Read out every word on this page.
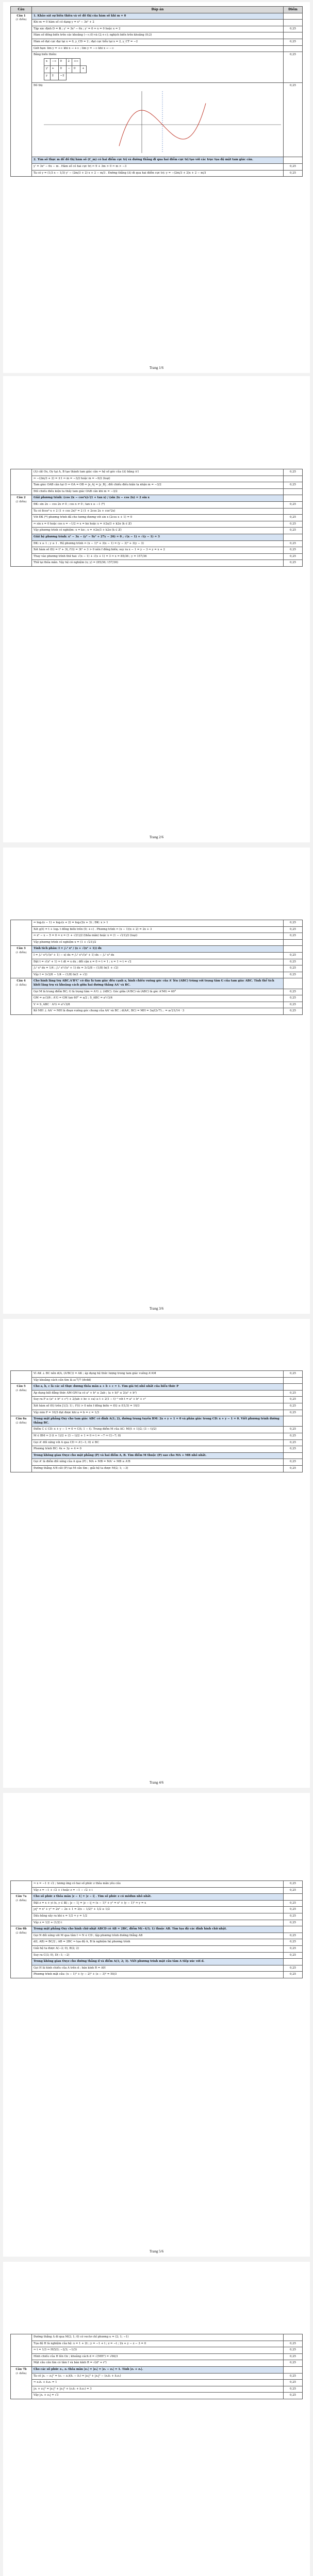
Câu	Đáp án	Điểm
Câu 1
(2 điểm)
	1. Khảo sát sự biến thiên và vẽ đồ thị của hàm số khi m = 0	
Khi m = 0 hàm số có dạng y = x³ − 3x² + 2	
Tập xác định D = ℝ ; y' = 3x² − 6x ; y' = 0 ⇔ x = 0 hoặc x = 2	0,25
Hàm số đồng biến trên các khoảng (−∞;0) và (2;+∞); nghịch biến trên khoảng (0;2)	
Hàm số đạt cực đại tại x = 0, y_CĐ = 2 ; đạt cực tiểu tại x = 2, y_CT = −2	0,25
Giới hạn: lim y = +∞ khi x → +∞ ; lim y = −∞ khi x → −∞	
Bảng biến thiên:
x	−∞	0	2	+∞
y'	+	0	−	0	+
y	2	−2
	0,25
Đồ thị:	0,25
2. Tìm số thực m để đồ thị hàm số (C_m) có hai điểm cực trị và đường thẳng đi qua hai điểm cực trị tạo với các trục tọa độ một tam giác cân.	
y' = 3x² − 6x − m . Hàm số có hai cực trị ⇔ 9 + 3m > 0 ⇔ m > −3	0,25
Ta có y = (1/3 x − 1/3) y' − (2m/3 + 2) x + 2 − m/3 . Đường thẳng (Δ) đi qua hai điểm cực trị: y = −(2m/3 + 2)x + 2 − m/3	0,25
Trang 1/6
	(Δ) cắt Ox, Oy tại A, B tạo thành tam giác cân ⇔ hệ số góc của (Δ) bằng ±1	0,25
	⇔ −(2m/3 + 2) = ±1 ⇔ m = −3/2 hoặc m = −9/2 (loại)	
	Tam giác OAB cân tại O ⇔ OA = OB ⇔ |x_A| = |y_B| ; đối chiếu điều kiện ta nhận m = −3/2	0,25
	Đối chiếu điều kiện ta thấy tam giác OAB cân khi m = −3/2	
Câu 2
(2 điểm)	Giải phương trình: (cos 2x − cos²x)√(1 + tan x) / (sin 2x − cos 2x) = 2 sin x	
	ĐK: sin 2x − cos 2x ≠ 0 ; cos x ≠ 0 ; tan x ≥ −1 (*)	0,25
	Ta có 8cos⁴ x + 2 (1 + cos 2x)² = 2 (1 + 2cos 2x + cos²2x)	
	Với ĐK (*) phương trình đã cho tương đương với sin x (2cos x + 1) = 0	0,25
	⇔ sin x = 0 hoặc cos x = −1/2 ⇔ x = kπ hoặc x = ±2π/3 + k2π (k ∈ ℤ)	0,25
	Vậy phương trình có nghiệm: x = kπ ; x = ±2π/3 + k2π (k ∈ ℤ)	0,25
	Giải hệ phương trình: x³ − 3x − (y³ − 9y² + 27y − 26) = 0 ; √(x − 1) + √(y − 1) = 3	
	ĐK: x ≥ 1 ; y ≥ 1 . Hệ phương trình ⇔ (x − 1)³ + 3(x − 1) = (y − 3)³ + 3(y − 3)	0,25
	Xét hàm số f(t) = t³ + 3t, f'(t) = 3t² + 3 > 0 nên f đồng biến; suy ra x − 1 = y − 3 ⇔ y = x + 2	0,25
	Thay vào phương trình thứ hai: √(x − 1) + √(x + 1) = 3 ⇔ x = 85/36 ; y = 157/36	0,25
	Thử lại thỏa mãn. Vậy hệ có nghiệm (x; y) = (85/36; 157/36)	0,25
Trang 2/6
	⇔ log₂(x − 1) + log₂(x + 2) = log₂(2x + 3) ; ĐK: x > 1	0,25
	Xét g(t) = t + log₂ t đồng biến trên (0; +∞) . Phương trình ⇔ (x − 1)(x + 2) = 2x + 3	0,25
	⇔ x² − x − 5 = 0 ⇔ x = (1 + √21)/2 (thỏa mãn) hoặc x = (1 − √21)/2 (loại)	0,25
	Vậy phương trình có nghiệm x = (1 + √21)/2	
Câu 3
(1 điểm)	Tính tích phân: I = ∫₀¹ x² / (x + √(x² + 1)) dx	
	I = ∫₀¹ x²(√(x² + 1) − x) dx = ∫₀¹ x²√(x² + 1) dx − ∫₀¹ x³ dx	0,25
	Đặt t = √(x² + 1) ⇒ t dt = x dx ; đổi cận x = 0 ⇒ t = 1 ; x = 1 ⇒ t = √2	0,25
	∫₀¹ x³ dx = 1/4 ; ∫₀¹ x²√(x² + 1) dx = 3√2/8 − (1/8) ln(1 + √2)	0,25
	Vậy I = 3√2/8 − 1/4 − (1/8) ln(1 + √2)	0,25
Câu 4
(1 điểm)	Cho hình lăng trụ ABC.A'B'C' có đáy là tam giác đều cạnh a, hình chiếu vuông góc của A' lên (ABC) trùng với trọng tâm G của tam giác ABC. Tính thể tích khối lăng trụ và khoảng cách giữa hai đường thẳng AA' và BC.	
	Gọi M là trung điểm BC; G là trọng tâm ⇒ A'G ⊥ (ABC). Góc giữa (A'BC) và (ABC) là góc A'MG = 60°	0,25
	GM = a√3/6 ; A'G = GM tan 60° = a/2 ; S_ABC = a²√3/4	0,25
	V = S_ABC · A'G = a³√3/8	0,25
	Kẻ MH ⊥ AA' ⇒ MH là đoạn vuông góc chung của AA' và BC ; d(AA', BC) = MH = 3a/(2√7)... = a√21/14 · 3	0,25
Trang 3/6
	Vì AK ⊥ BC nên d(A, (A'BC)) = AK ; áp dụng hệ thức lượng trong tam giác vuông A'AM	0,25
	Vậy khoảng cách cần tìm là a√7/7 (đvđd)	
Câu 5
(1 điểm)	Cho a, b, c là các số thực dương thỏa mãn a + b + c = 1. Tìm giá trị nhỏ nhất của biểu thức P	
	Áp dụng bất đẳng thức AM-GM ta có a² + b² ≥ 2ab ; (a + b)² ≤ 2(a² + b²)	0,25
	Suy ra P ≥ (a² + b² + c²) + 2/(ab + bc + ca) ≥ t + 2(1 − t)⁻¹ với t = a² + b² + c²	0,25
	Xét hàm số f(t) trên [1/3; 1) ; f'(t) > 0 nên f đồng biến ⇒ f(t) ≥ f(1/3) = 10/3	0,25
	Vậy min P = 10/3 đạt được khi a = b = c = 1/3	0,25
Câu 6a
(2 điểm)	Trong mặt phẳng Oxy cho tam giác ABC có đỉnh A(1; 2), đường trung tuyến BM: 2x + y + 1 = 0 và phân giác trong CD: x + y − 1 = 0. Viết phương trình đường thẳng BC.	
	Điểm C ∈ CD: x + y − 1 = 0 ⇒ C(t; 1 − t). Trung điểm M của AC: M((t + 1)/2; (3 − t)/2)	0,25
	M ∈ BM ⇒ 2·(t + 1)/2 + (3 − t)/2 + 1 = 0 ⇔ t = −7 ⇒ C(−7; 8)	0,25
	Gọi A' đối xứng với A qua CD ⇒ A'(−1; 0) ∈ BC	0,25
	Phương trình BC: 4x + 3y + 4 = 0	0,25
	Trong không gian Oxyz cho mặt phẳng (P) và hai điểm A, B. Tìm điểm M thuộc (P) sao cho MA + MB nhỏ nhất.	
	Gọi A' là điểm đối xứng của A qua (P) ; MA + MB = MA' + MB ≥ A'B	0,25
	Đường thẳng A'B cắt (P) tại M cần tìm ; giải hệ ta được M(2; 1; −3)	0,25
Trang 4/6
	⇒ x = −1 ± √2 ; tương ứng có hai số phức z thỏa mãn yêu cầu	0,25
	Vậy z = −1 + √2 + i hoặc z = −1 − √2 + i	0,25
Câu 7a
(1 điểm)	Cho số phức z thỏa mãn |z − 1| = |z − i| . Tìm số phức z có môđun nhỏ nhất.	
	Đặt z = x + yi (x, y ∈ ℝ) ; |z − 1| = |z − i| ⇔ (x − 1)² + y² = x² + (y − 1)² ⇔ y = x	0,25
	|z|² = x² + y² = 2x² − 2x + 1 = 2(x − 1/2)² + 1/2 ≥ 1/2	0,25
	Dấu bằng xảy ra khi x = 1/2 ⇒ y = 1/2	0,25
	Vậy z = 1/2 + (1/2) i	0,25
Câu 6b
(2 điểm)	Trong mặt phẳng Oxy cho hình chữ nhật ABCD có AB = 2BC, điểm M(−4/3; 1) thuộc AB. Tìm tọa độ các đỉnh hình chữ nhật.	
	Gọi N đối xứng với M qua tâm I ⇒ N ∈ CD ; lập phương trình đường thẳng AB	0,25
	d(I, AB) = BC/2 ; AB = 2BC ⇒ tọa độ A, B là nghiệm hệ phương trình	0,25
	Giải hệ ta được A(−2; 0), B(2; 2)	0,25
	Suy ra C(3; 0), D(−1; −2)	0,25
	Trong không gian Oxyz cho đường thẳng d và điểm A(1; 2; 3). Viết phương trình mặt cầu tâm A tiếp xúc với d.	
	Gọi H là hình chiếu của A trên d ; bán kính R = AH	0,25
	Phương trình mặt cầu: (x − 1)² + (y − 2)² + (z − 3)² = 50/3	0,25
Trang 5/6
	Đường thẳng Δ đi qua M(2; 1; 0) có vectơ chỉ phương u = (2; 1; −1)	
	Tọa độ H là nghiệm của hệ: x = 1 + 2t ; y = −1 + t ; z = −t ; 2x + y − z − 3 = 0	0,25
	⇒ t = 1/3 ⇒ H(5/3; −2/3; −1/3)	0,25
	Hình chiếu của H lên Oz ; khoảng cách d = √(MH²) = √66/3	0,25
	Mặt cầu cần tìm có tâm I và bán kính R = √(d² + r²)	0,25
Câu 7b
(1 điểm)	Cho các số phức z₁, z₂ thỏa mãn |z₁| = |z₂| = |z₁ − z₂| = 1. Tính |z₁ + z₂|.	
	Ta có |z₁ − z₂|² = (z₁ − z₂)(z̄₁ − z̄₂) = |z₁|² + |z₂|² − (z₁z̄₂ + z̄₁z₂)	0,25
	⇒ z₁z̄₂ + z̄₁z₂ = 1	0,25
	|z₁ + z₂|² = |z₁|² + |z₂|² + (z₁z̄₂ + z̄₁z₂) = 3	0,25
	Vậy |z₁ + z₂| = √3	0,25
